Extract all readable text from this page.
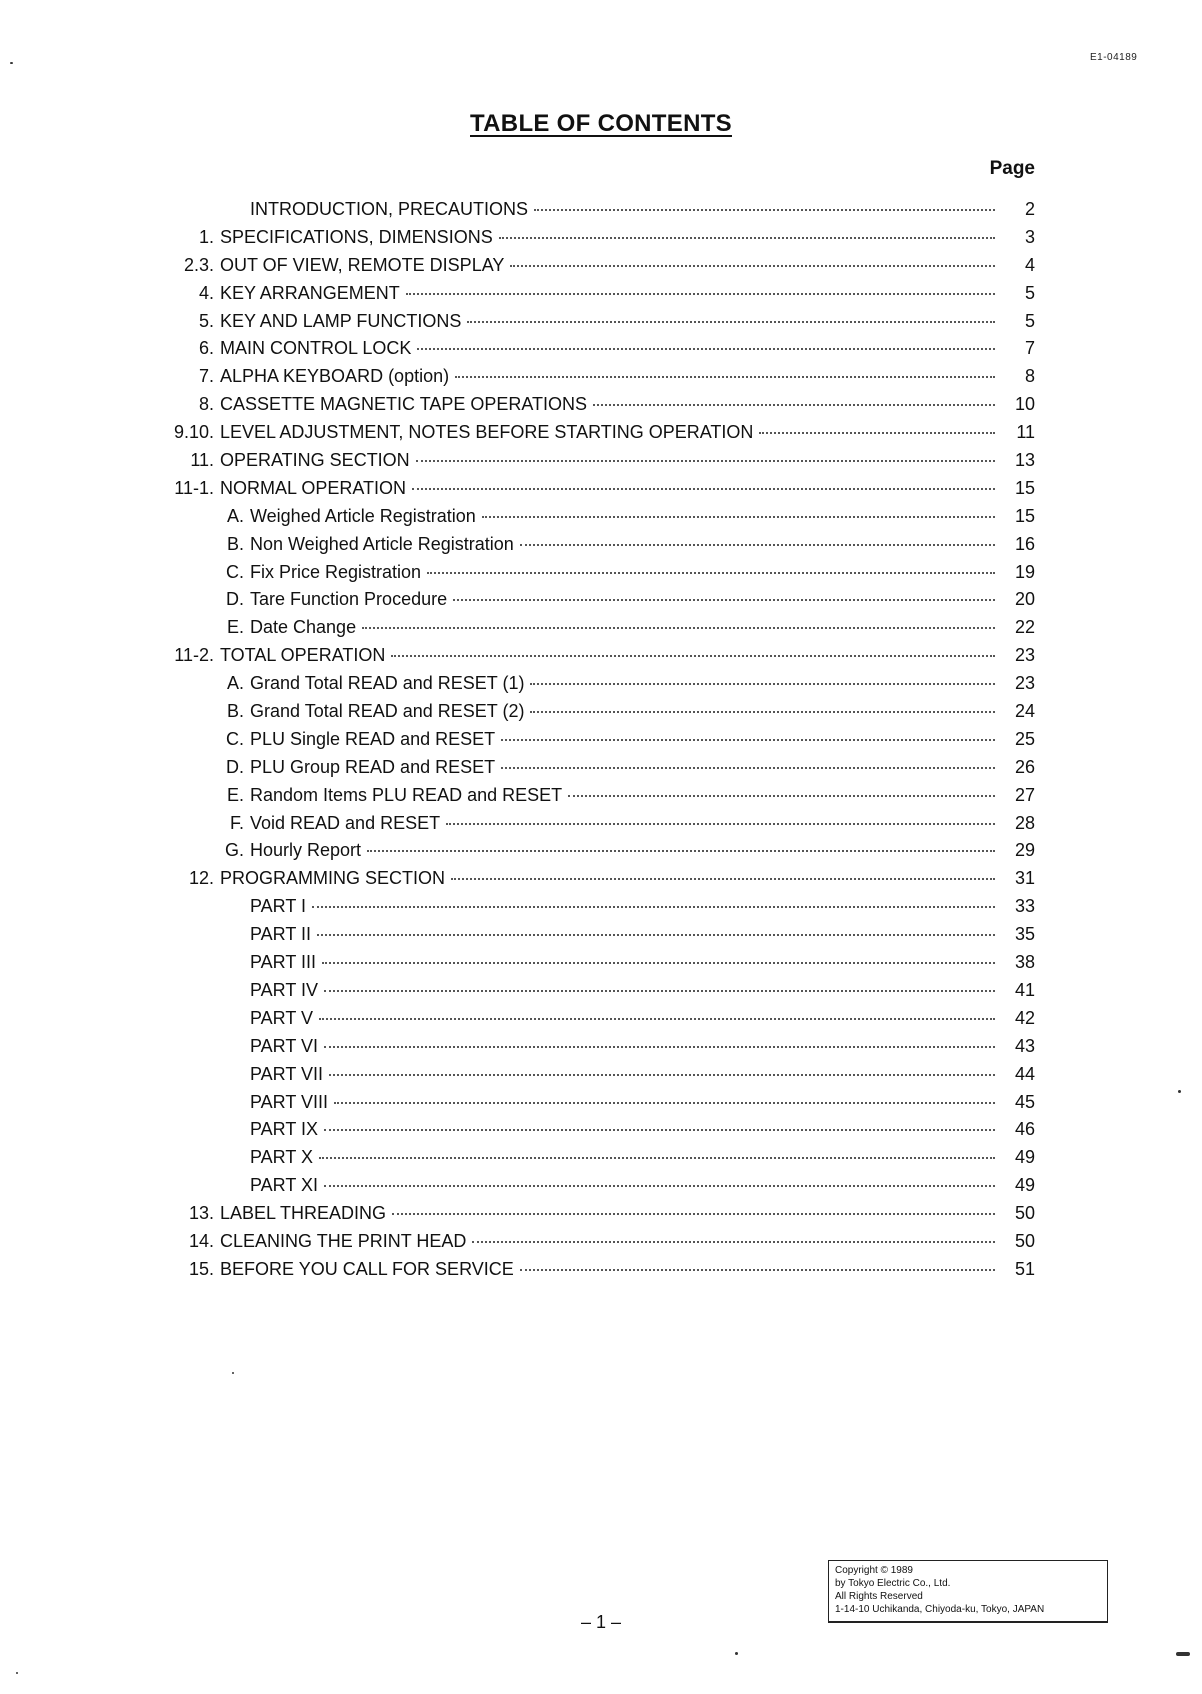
E1-04189
TABLE OF CONTENTS
Page
INTRODUCTION, PRECAUTIONS	2
1. SPECIFICATIONS, DIMENSIONS	3
2.3. OUT OF VIEW, REMOTE DISPLAY	4
4. KEY ARRANGEMENT	5
5. KEY AND LAMP FUNCTIONS	5
6. MAIN CONTROL LOCK	7
7. ALPHA KEYBOARD (option)	8
8. CASSETTE MAGNETIC TAPE OPERATIONS	10
9.10. LEVEL ADJUSTMENT, NOTES BEFORE STARTING OPERATION	11
11. OPERATING SECTION	13
11-1. NORMAL OPERATION	15
A. Weighed Article Registration	15
B. Non Weighed Article Registration	16
C. Fix Price Registration	19
D. Tare Function Procedure	20
E. Date Change	22
11-2. TOTAL OPERATION	23
A. Grand Total READ and RESET (1)	23
B. Grand Total READ and RESET (2)	24
C. PLU Single READ and RESET	25
D. PLU Group READ and RESET	26
E. Random Items PLU READ and RESET	27
F. Void READ and RESET	28
G. Hourly Report	29
12. PROGRAMMING SECTION	31
PART I	33
PART II	35
PART III	38
PART IV	41
PART V	42
PART VI	43
PART VII	44
PART VIII	45
PART IX	46
PART X	49
PART XI	49
13. LABEL THREADING	50
14. CLEANING THE PRINT HEAD	50
15. BEFORE YOU CALL FOR SERVICE	51
– 1 –
Copyright © 1989
by Tokyo Electric Co., Ltd.
All Rights Reserved
1-14-10 Uchikanda, Chiyoda-ku, Tokyo, JAPAN
